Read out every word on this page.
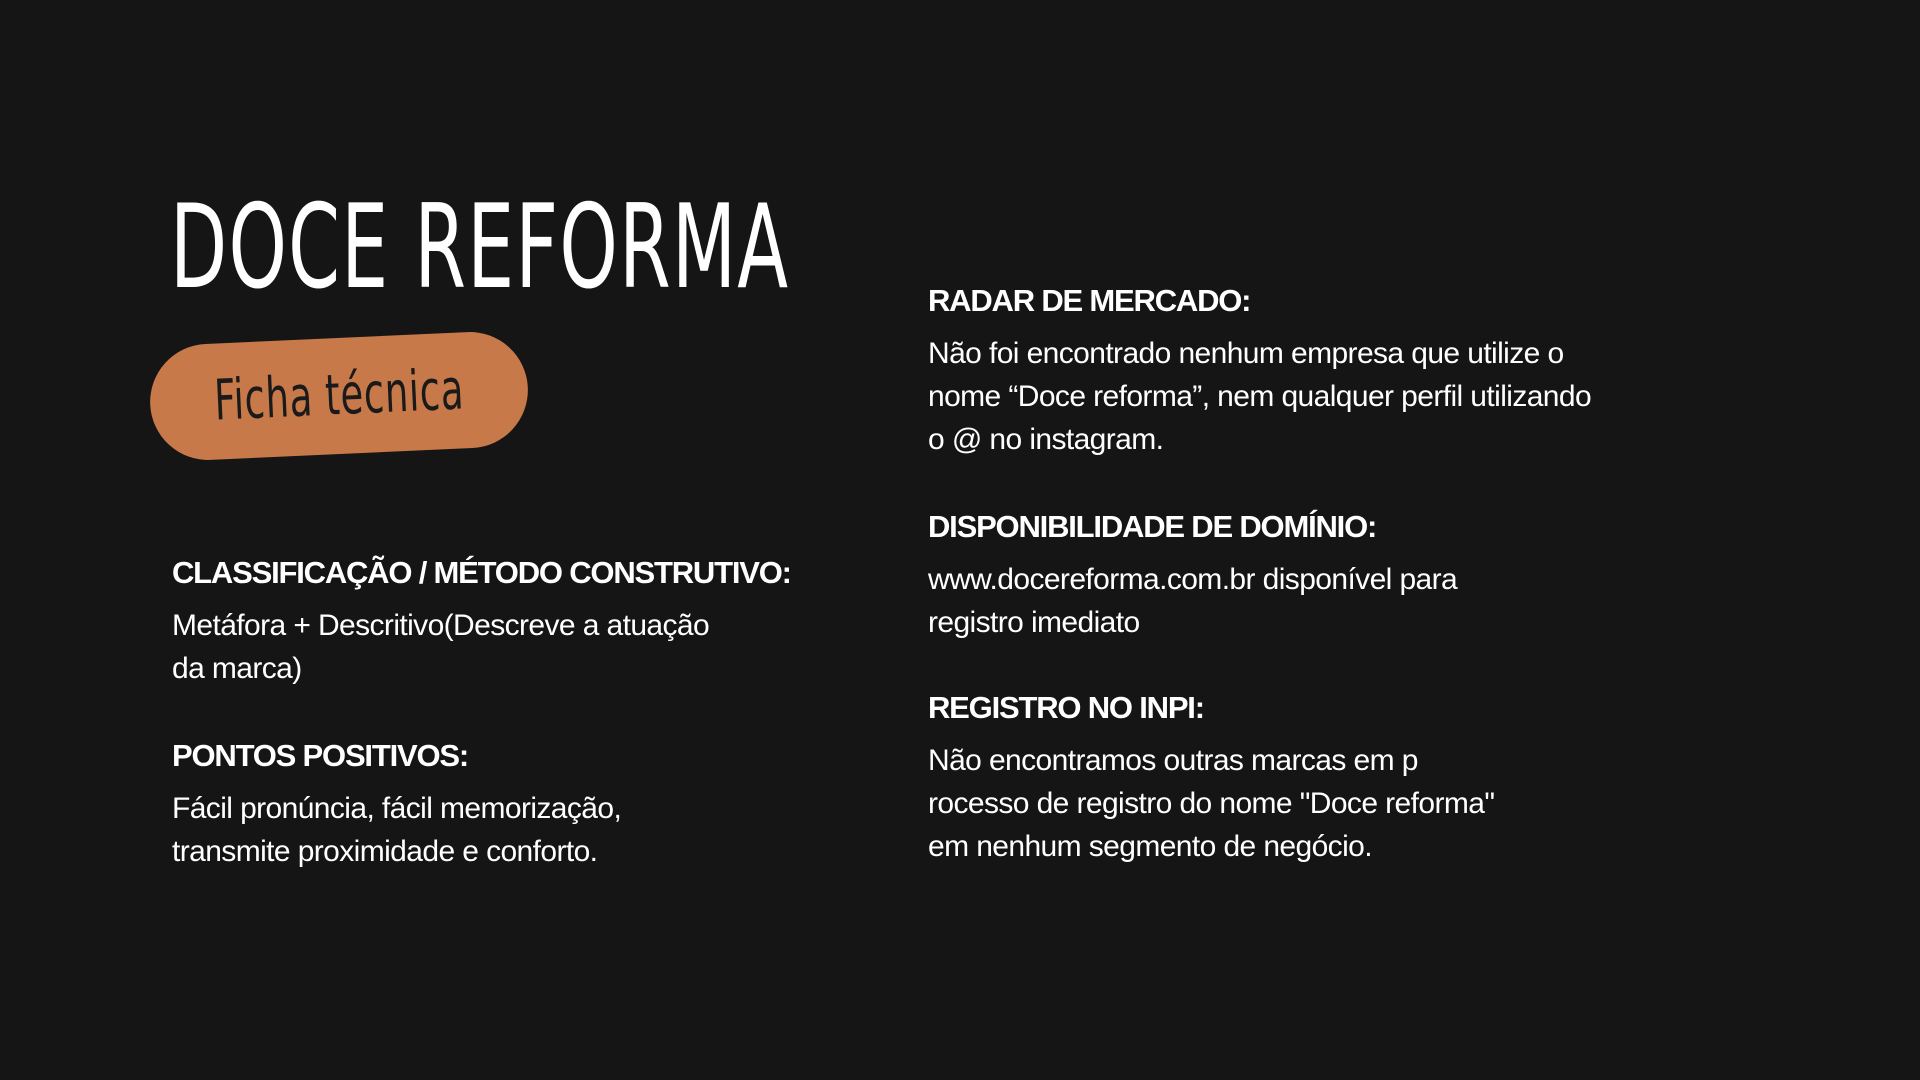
DOCE REFORMA
Ficha técnica
CLASSIFICAÇÃO / MÉTODO CONSTRUTIVO:

Metáfora + Descritivo(Descreve a atuação
da marca)

PONTOS POSITIVOS:

Fácil pronúncia, fácil memorização,
transmite proximidade e conforto.

RADAR DE MERCADO:

Não foi encontrado nenhum empresa que utilize o
nome “Doce reforma”, nem qualquer perfil utilizando
o @ no instagram.

DISPONIBILIDADE DE DOMÍNIO:

www.docereforma.com.br disponível para
registro imediato

REGISTRO NO INPI:

Não encontramos outras marcas em p
rocesso de registro do nome "Doce reforma"
em nenhum segmento de negócio.
